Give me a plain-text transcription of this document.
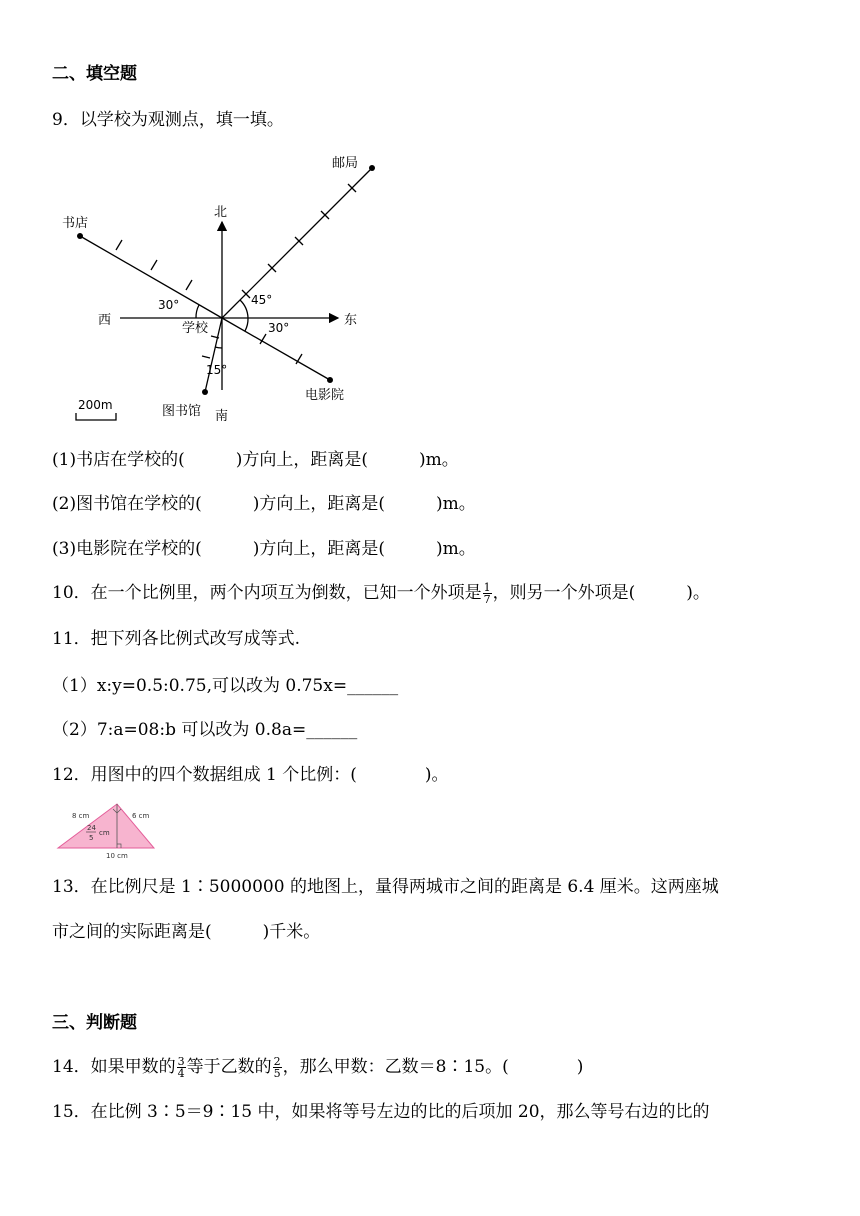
二、填空题
9．以学校为观测点，填一填。
邮局
书店
北
西	东
学校
南
图书馆
电影院
200m
30°	45°
30°
15°
(1)书店在学校的(　　　)方向上，距离是(　　　)m。
(2)图书馆在学校的(　　　)方向上，距离是(　　　)m。
(3)电影院在学校的(　　　)方向上，距离是(　　　)m。
10．在一个比例里，两个内项互为倒数，已知一个外项是 $\frac{1}{7}$ ，则另一个外项是(　　　)。
11．把下列各比例式改写成等式.
（1）x:y=0.5:0.75,可以改为 0.75x=______
（2）7:a=08:b 可以改为 0.8a=______
12．用图中的四个数据组成 1 个比例：(　　　　)。
8 cm	6 cm
24
5
cm
10 cm
13．在比例尺是 1∶5000000 的地图上，量得两城市之间的距离是 6.4 厘米。这两座城
市之间的实际距离是(　　　)千米。
三、判断题
14．如果甲数的 $\frac{3}{4}$ 等于乙数的 $\frac{2}{5}$ ，那么甲数：乙数＝8∶15。(　　　　)
15．在比例 3∶5＝9∶15 中，如果将等号左边的比的后项加 20，那么等号右边的比的
